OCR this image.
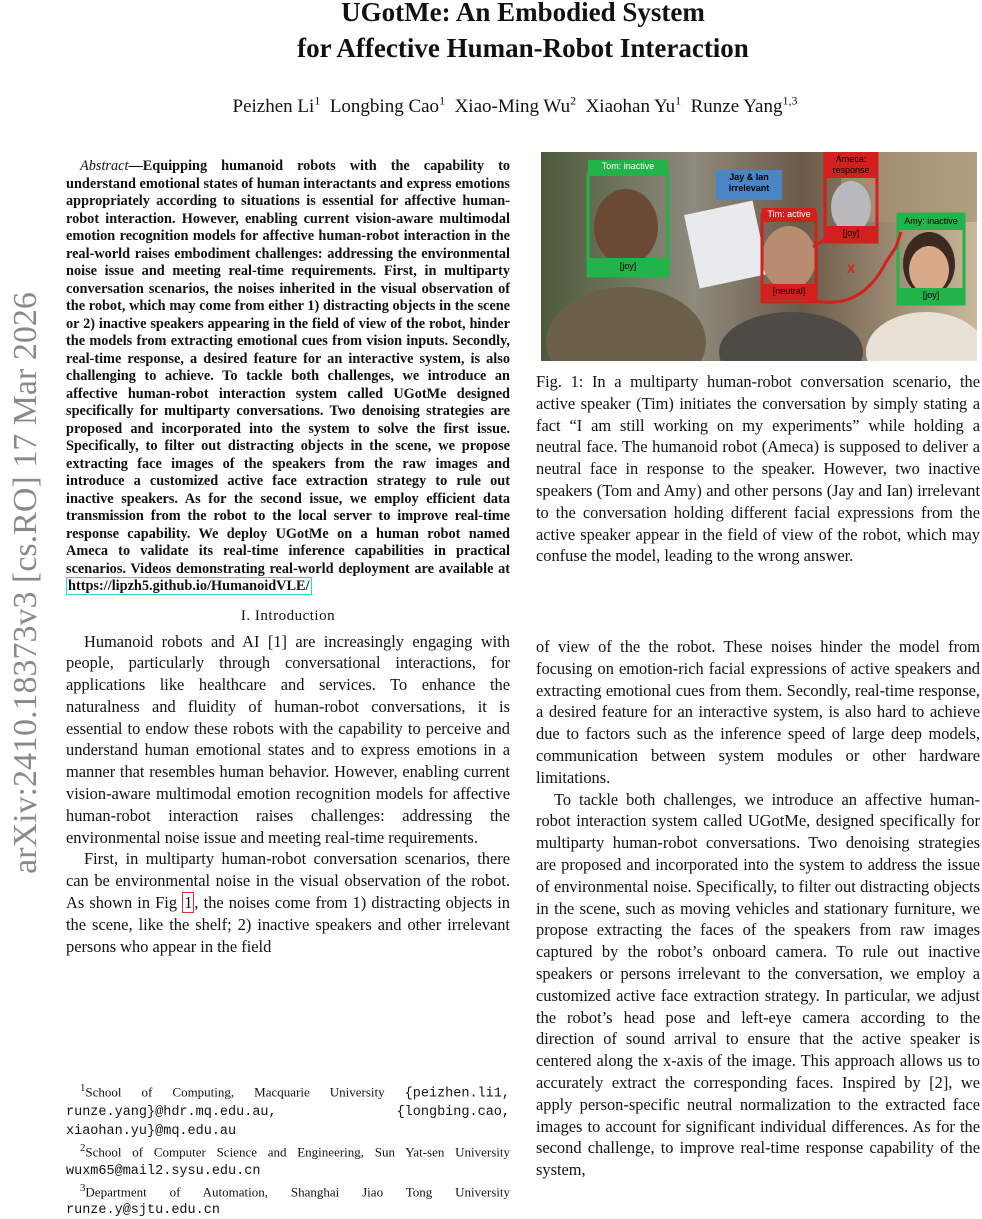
UGotMe: An Embodied System
for Affective Human-Robot Interaction
Peizhen Li$^1$ Longbing Cao$^1$ Xiao-Ming Wu$^2$ Xiaohan Yu$^1$ Runze Yang$^{1,3}$
arXiv:2410.18373v3 [cs.RO] 17 Mar 2026

Abstract—Equipping humanoid robots with the capability to understand emotional states of human interactants and express emotions appropriately according to situations is essential for affective human-robot interaction. However, enabling current vision-aware multimodal emotion recognition models for affective human-robot interaction in the real-world raises embodiment challenges: addressing the environmental noise issue and meeting real-time requirements. First, in multiparty conversation scenarios, the noises inherited in the visual observation of the robot, which may come from either 1) distracting objects in the scene or 2) inactive speakers appearing in the field of view of the robot, hinder the models from extracting emotional cues from vision inputs. Secondly, real-time response, a desired feature for an interactive system, is also challenging to achieve. To tackle both challenges, we introduce an affective human-robot interaction system called UGotMe designed specifically for multiparty conversations. Two denoising strategies are proposed and incorporated into the system to solve the first issue. Specifically, to filter out distracting objects in the scene, we propose extracting face images of the speakers from the raw images and introduce a customized active face extraction strategy to rule out inactive speakers. As for the second issue, we employ efficient data transmission from the robot to the local server to improve real-time response capability. We deploy UGotMe on a human robot named Ameca to validate its real-time inference capabilities in practical scenarios. Videos demonstrating real-world deployment are available at https://lipzh5.github.io/HumanoidVLE/

I. Introduction

Humanoid robots and AI [1] are increasingly engaging with people, particularly through conversational interactions, for applications like healthcare and services. To enhance the naturalness and fluidity of human-robot conversations, it is essential to endow these robots with the capability to perceive and understand human emotional states and to express emotions in a manner that resembles human behavior. However, enabling current vision-aware multimodal emotion recognition models for affective human-robot interaction raises challenges: addressing the environmental noise issue and meeting real-time requirements.

First, in multiparty human-robot conversation scenarios, there can be environmental noise in the visual observation of the robot. As shown in Fig 1 , the noises come from 1) distracting objects in the scene, like the shelf; 2) inactive speakers and other irrelevant persons who appear in the field

$^1$School of Computing, Macquarie University {peizhen.li1, runze.yang}@hdr.mq.edu.au, {longbing.cao, xiaohan.yu}@mq.edu.au

$^2$School of Computer Science and Engineering, Sun Yat-sen University wuxm65@mail2.sysu.edu.cn

$^3$Department of Automation, Shanghai Jiao Tong University runze.y@sjtu.edu.cn

Tom: inactive
[joy]
Jay & Ian irrelevant
Tim: active
[neutral]
Ameca: response
[joy]
Amy: inactive
[joy]
X

Fig. 1: In a multiparty human-robot conversation scenario, the active speaker (Tim) initiates the conversation by simply stating a fact “I am still working on my experiments” while holding a neutral face. The humanoid robot (Ameca) is supposed to deliver a neutral face in response to the speaker. However, two inactive speakers (Tom and Amy) and other persons (Jay and Ian) irrelevant to the conversation holding different facial expressions from the active speaker appear in the field of view of the robot, which may confuse the model, leading to the wrong answer.

of view of the the robot. These noises hinder the model from focusing on emotion-rich facial expressions of active speakers and extracting emotional cues from them. Secondly, real-time response, a desired feature for an interactive system, is also hard to achieve due to factors such as the inference speed of large deep models, communication between system modules or other hardware limitations.

To tackle both challenges, we introduce an affective human-robot interaction system called UGotMe, designed specifically for multiparty human-robot conversations. Two denoising strategies are proposed and incorporated into the system to address the issue of environmental noise. Specifically, to filter out distracting objects in the scene, such as moving vehicles and stationary furniture, we propose extracting the faces of the speakers from raw images captured by the robot’s onboard camera. To rule out inactive speakers or persons irrelevant to the conversation, we employ a customized active face extraction strategy. In particular, we adjust the robot’s head pose and left-eye camera according to the direction of sound arrival to ensure that the active speaker is centered along the x-axis of the image. This approach allows us to accurately extract the corresponding faces. Inspired by [2], we apply person-specific neutral normalization to the extracted face images to account for significant individual differences. As for the second challenge, to improve real-time response capability of the system,
